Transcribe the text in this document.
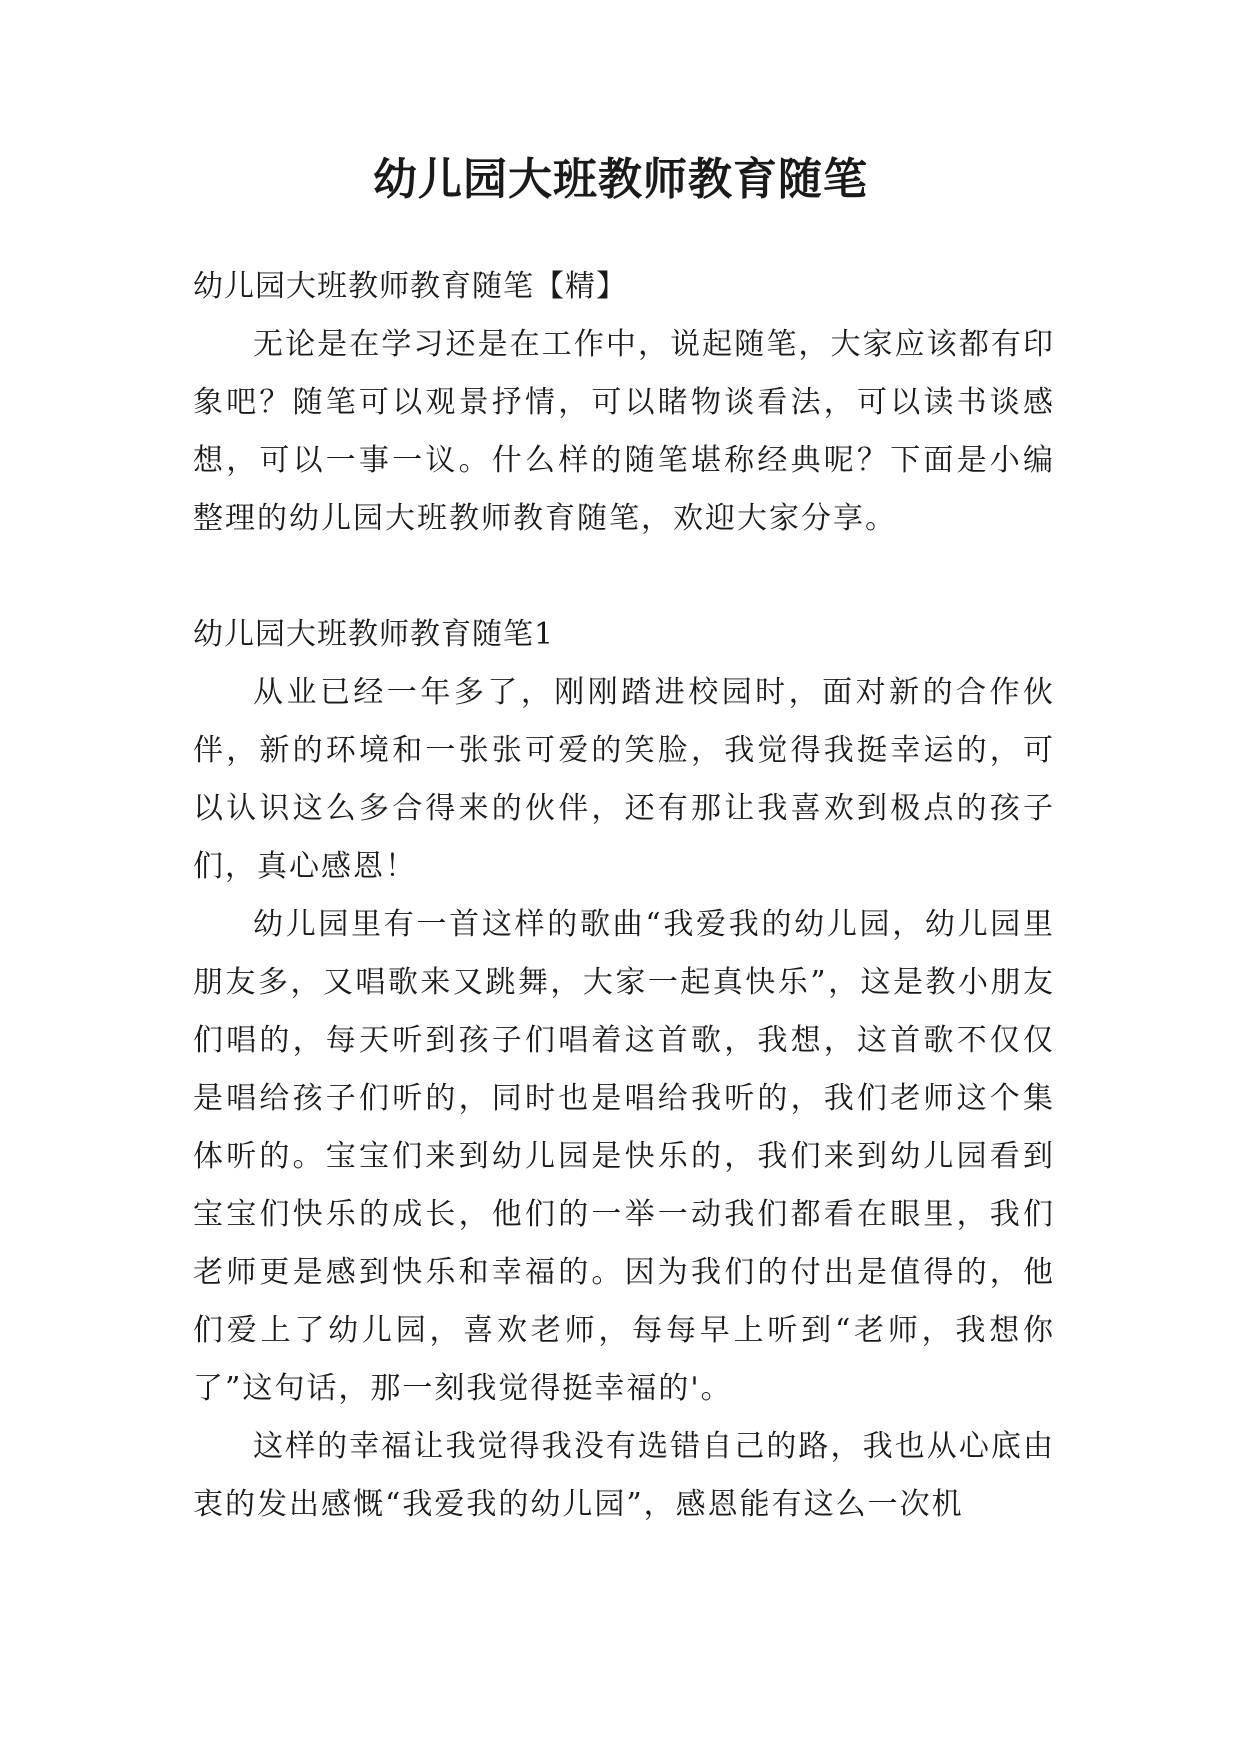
幼儿园大班教师教育随笔

幼儿园大班教师教育随笔【精】

无论是在学习还是在工作中，说起随笔，大家应该都有印象吧？随笔可以观景抒情，可以睹物谈看法，可以读书谈感想，可以一事一议。什么样的随笔堪称经典呢？下面是小编整理的幼儿园大班教师教育随笔，欢迎大家分享。

幼儿园大班教师教育随笔1

从业已经一年多了，刚刚踏进校园时，面对新的合作伙伴，新的环境和一张张可爱的笑脸，我觉得我挺幸运的，可以认识这么多合得来的伙伴，还有那让我喜欢到极点的孩子们，真心感恩！

幼儿园里有一首这样的歌曲“我爱我的幼儿园，幼儿园里朋友多，又唱歌来又跳舞，大家一起真快乐”，这是教小朋友们唱的，每天听到孩子们唱着这首歌，我想，这首歌不仅仅是唱给孩子们听的，同时也是唱给我听的，我们老师这个集体听的。宝宝们来到幼儿园是快乐的，我们来到幼儿园看到宝宝们快乐的成长，他们的一举一动我们都看在眼里，我们老师更是感到快乐和幸福的。因为我们的付出是值得的，他们爱上了幼儿园，喜欢老师，每每早上听到“老师，我想你了”这句话，那一刻我觉得挺幸福的'。

这样的幸福让我觉得我没有选错自己的路，我也从心底由衷的发出感慨“我爱我的幼儿园”，感恩能有这么一次机
